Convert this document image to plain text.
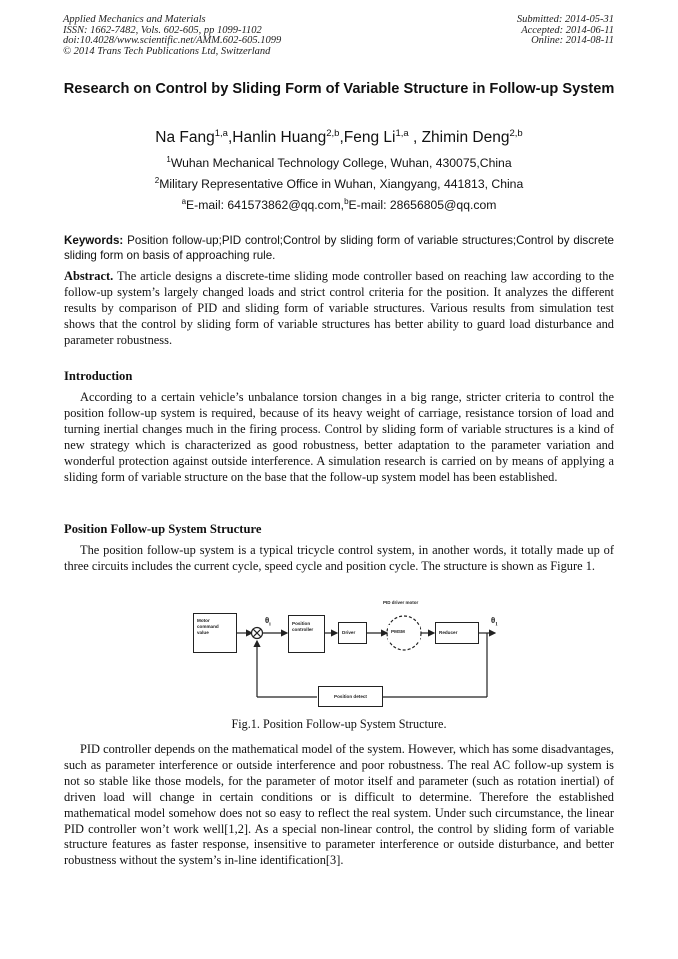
Applied Mechanics and Materials
ISSN: 1662-7482, Vols. 602-605, pp 1099-1102
doi:10.4028/www.scientific.net/AMM.602-605.1099
© 2014 Trans Tech Publications Ltd, Switzerland
Submitted: 2014-05-31
Accepted: 2014-06-11
Online: 2014-08-11
Research on Control by Sliding Form of Variable Structure in Follow-up System
Na Fang$^{1,a}$,Hanlin Huang$^{2,b}$,Feng Li$^{1,a}$ , Zhimin Deng$^{2,b}$
$^1$Wuhan Mechanical Technology College, Wuhan, 430075,China
$^2$Military Representative Office in Wuhan, Xiangyang, 441813, China
$^a$E-mail: 641573862@qq.com,$^b$E-mail: 28656805@qq.com
Keywords: Position follow-up;PID control;Control by sliding form of variable structures;Control by discrete sliding form on basis of approaching rule.
Abstract. The article designs a discrete-time sliding mode controller based on reaching law according to the follow-up system’s largely changed loads and strict control criteria for the position. It analyzes the different results by comparison of PID and sliding form of variable structures. Various results from simulation test shows that the control by sliding form of variable structures has better ability to guard load disturbance and parameter robustness.
Introduction
According to a certain vehicle’s unbalance torsion changes in a big range, stricter criteria to control the position follow-up system is required, because of its heavy weight of carriage, resistance torsion of load and turning inertial changes much in the firing process. Control by sliding form of variable structures is a kind of new strategy which is characterized as good robustness, better adaptation to the parameter variation and wonderful protection against outside interference. A simulation research is carried on by means of applying a sliding form of variable structure on the base that the follow-up system model has been established.
Position Follow-up System Structure
The position follow-up system is a typical tricycle control system, in another words, it totally made up of three circuits includes the current cycle, speed cycle and position cycle. The structure is shown as Figure 1.
Motor
command
value
$\theta_i$	Position
controller
Driver
PID driver motor
PMSM	Reducer
$\theta_1$
Position detect
Fig.1. Position Follow-up System Structure.
PID controller depends on the mathematical model of the system. However, which has some disadvantages, such as parameter interference or outside interference and poor robustness. The real AC follow-up system is not so stable like those models, for the parameter of motor itself and parameter (such as rotation inertial) of driven load will change in certain conditions or is difficult to determine. Therefore the established mathematical model somehow does not so easy to reflect the real system. Under such circumstance, the linear PID controller won’t work well[1,2]. As a special non-linear control, the control by sliding form of variable structure features as faster response, insensitive to parameter interference or outside disturbance, and better robustness without the system’s in-line identification[3].
